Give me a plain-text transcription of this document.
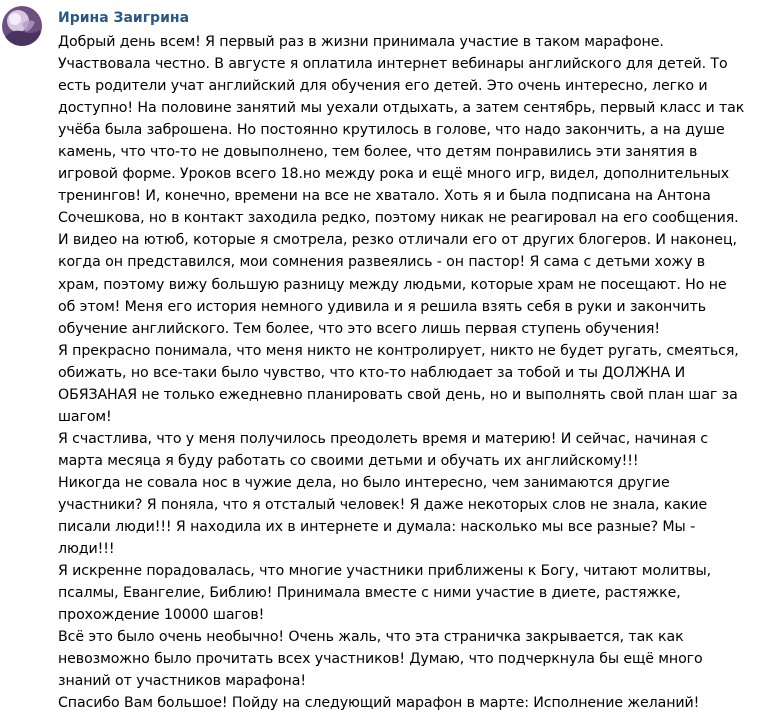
Ирина Заигрина
Добрый день всем! Я первый раз в жизни принимала участие в таком марафоне.
Участвовала честно. В августе я оплатила интернет вебинары английского для детей. То
есть родители учат английский для обучения его детей. Это очень интересно, легко и
доступно! На половине занятий мы уехали отдыхать, а затем сентябрь, первый класс и так
учёба была заброшена. Но постоянно крутилось в голове, что надо закончить, а на душе
камень, что что-то не довыполнено, тем более, что детям понравились эти занятия в
игровой форме. Уроков всего 18.но между рока и ещё много игр, видел, дополнительных
тренингов! И, конечно, времени на все не хватало. Хоть я и была подписана на Антона
Сочешкова, но в контакт заходила редко, поэтому никак не реагировал на его сообщения.
И видео на ютюб, которые я смотрела, резко отличали его от других блогеров. И наконец,
когда он представился, мои сомнения развеялись - он пастор! Я сама с детьми хожу в
храм, поэтому вижу большую разницу между людьми, которые храм не посещают. Но не
об этом! Меня его история немного удивила и я решила взять себя в руки и закончить
обучение английского. Тем более, что это всего лишь первая ступень обучения!
Я прекрасно понимала, что меня никто не контролирует, никто не будет ругать, смеяться,
обижать, но все-таки было чувство, что кто-то наблюдает за тобой и ты ДОЛЖНА И
ОБЯЗАНАЯ не только ежедневно планировать свой день, но и выполнять свой план шаг за
шагом!
Я счастлива, что у меня получилось преодолеть время и материю! И сейчас, начиная с
марта месяца я буду работать со своими детьми и обучать их английскому!!!
Никогда не совала нос в чужие дела, но было интересно, чем занимаются другие
участники? Я поняла, что я отсталый человек! Я даже некоторых слов не знала, какие
писали люди!!! Я находила их в интернете и думала: насколько мы все разные? Мы -
люди!!!
Я искренне порадовалась, что многие участники приближены к Богу, читают молитвы,
псалмы, Евангелие, Библию! Принимала вместе с ними участие в диете, растяжке,
прохождение 10000 шагов!
Всё это было очень необычно! Очень жаль, что эта страничка закрывается, так как
невозможно было прочитать всех участников! Думаю, что подчеркнула бы ещё много
знаний от участников марафона!
Спасибо Вам большое! Пойду на следующий марафон в марте: Исполнение желаний!
